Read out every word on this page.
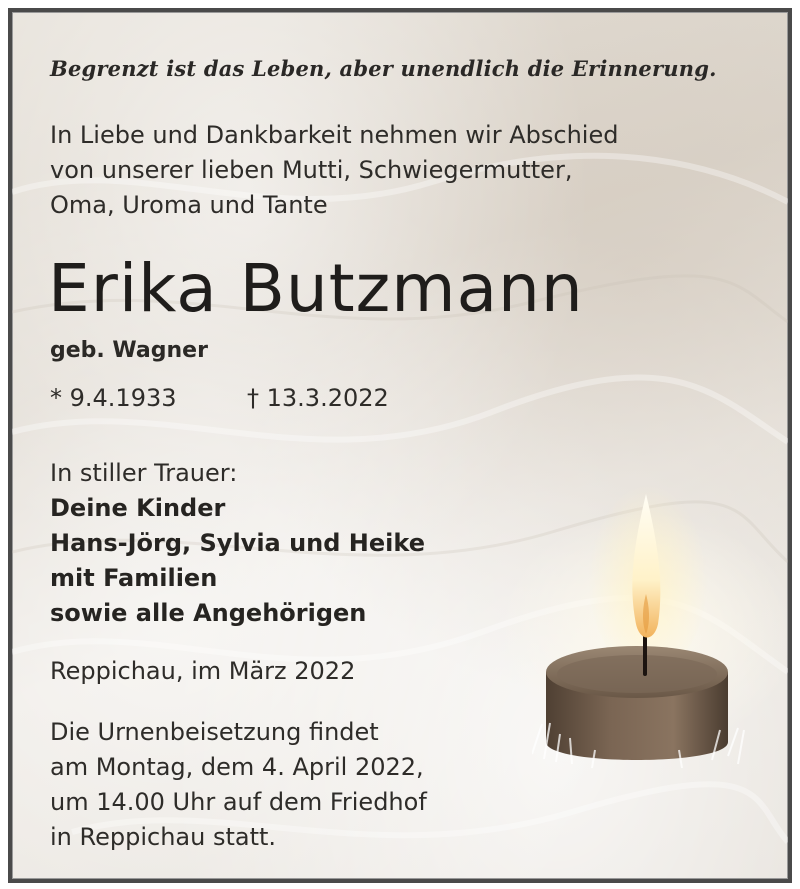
Begrenzt ist das Leben, aber unendlich die Erinnerung.

In Liebe und Dankbarkeit nehmen wir Abschied
von unserer lieben Mutti, Schwiegermutter,
Oma, Uroma und Tante
Erika Butzmann

geb. Wagner

* 9.4.1933	† 13.3.2022

In stiller Trauer:

Deine Kinder
Hans-Jörg, Sylvia und Heike
mit Familien
sowie alle Angehörigen

Reppichau, im März 2022

Die Urnenbeisetzung findet
am Montag, dem 4. April 2022,
um 14.00 Uhr auf dem Friedhof
in Reppichau statt.
